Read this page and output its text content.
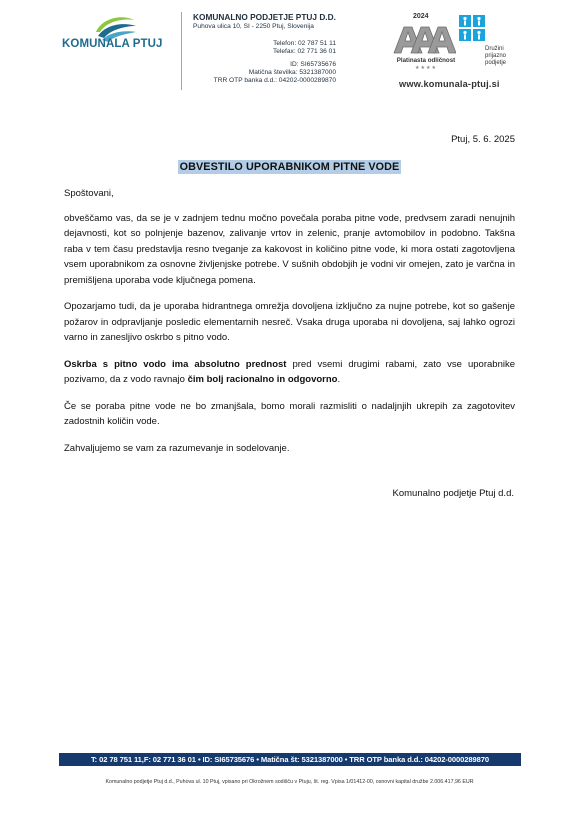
KOMUNALA PTUJ
KOMUNALNO PODJETJE PTUJ D.D.
Puhova ulica 10, SI - 2250 Ptuj, Slovenija
Telefon: 02 787 51 11
Telefax: 02 771 36 01
ID: SI65735676
Matična številka: 5321387000
TRR OTP banka d.d.: 04202-0000289870
2024
Platinasta odličnost
★★★★
Družini
prijazno
podjetje
www.komunala-ptuj.si
Ptuj, 5. 6. 2025
OBVESTILO UPORABNIKOM PITNE VODE

Spoštovani,

obveščamo vas, da se je v zadnjem tednu močno povečala poraba pitne vode, predvsem zaradi nenujnih dejavnosti, kot so polnjenje bazenov, zalivanje vrtov in zelenic, pranje avtomobilov in podobno. Takšna raba v tem času predstavlja resno tveganje za kakovost in količino pitne vode, ki mora ostati zagotovljena vsem uporabnikom za osnovne življenjske potrebe. V sušnih obdobjih je vodni vir omejen, zato je varčna in premišljena uporaba vode ključnega pomena.

Opozarjamo tudi, da je uporaba hidrantnega omrežja dovoljena izključno za nujne potrebe, kot so gašenje požarov in odpravljanje posledic elementarnih nesreč. Vsaka druga uporaba ni dovoljena, saj lahko ogrozi varno in zanesljivo oskrbo s pitno vodo.

Oskrba s pitno vodo ima absolutno prednost pred vsemi drugimi rabami, zato vse uporabnike pozivamo, da z vodo ravnajo čim bolj racionalno in odgovorno.

Če se poraba pitne vode ne bo zmanjšala, bomo morali razmisliti o nadaljnjih ukrepih za zagotovitev zadostnih količin vode.

Zahvaljujemo se vam za razumevanje in sodelovanje.

Komunalno podjetje Ptuj d.d.
T: 02 78 751 11,F: 02 771 36 01 • ID: SI65735676 • Matična št: 5321387000 • TRR OTP banka d.d.: 04202-0000289870
Komunalno podjetje Ptuj d.d., Puhova ul. 10 Ptuj, vpisano pri Okrožnem sodišču v Ptuju, št. reg. Vpisa 1/01412-00, osnovni kapital družbe 2.006.417,96 EUR
